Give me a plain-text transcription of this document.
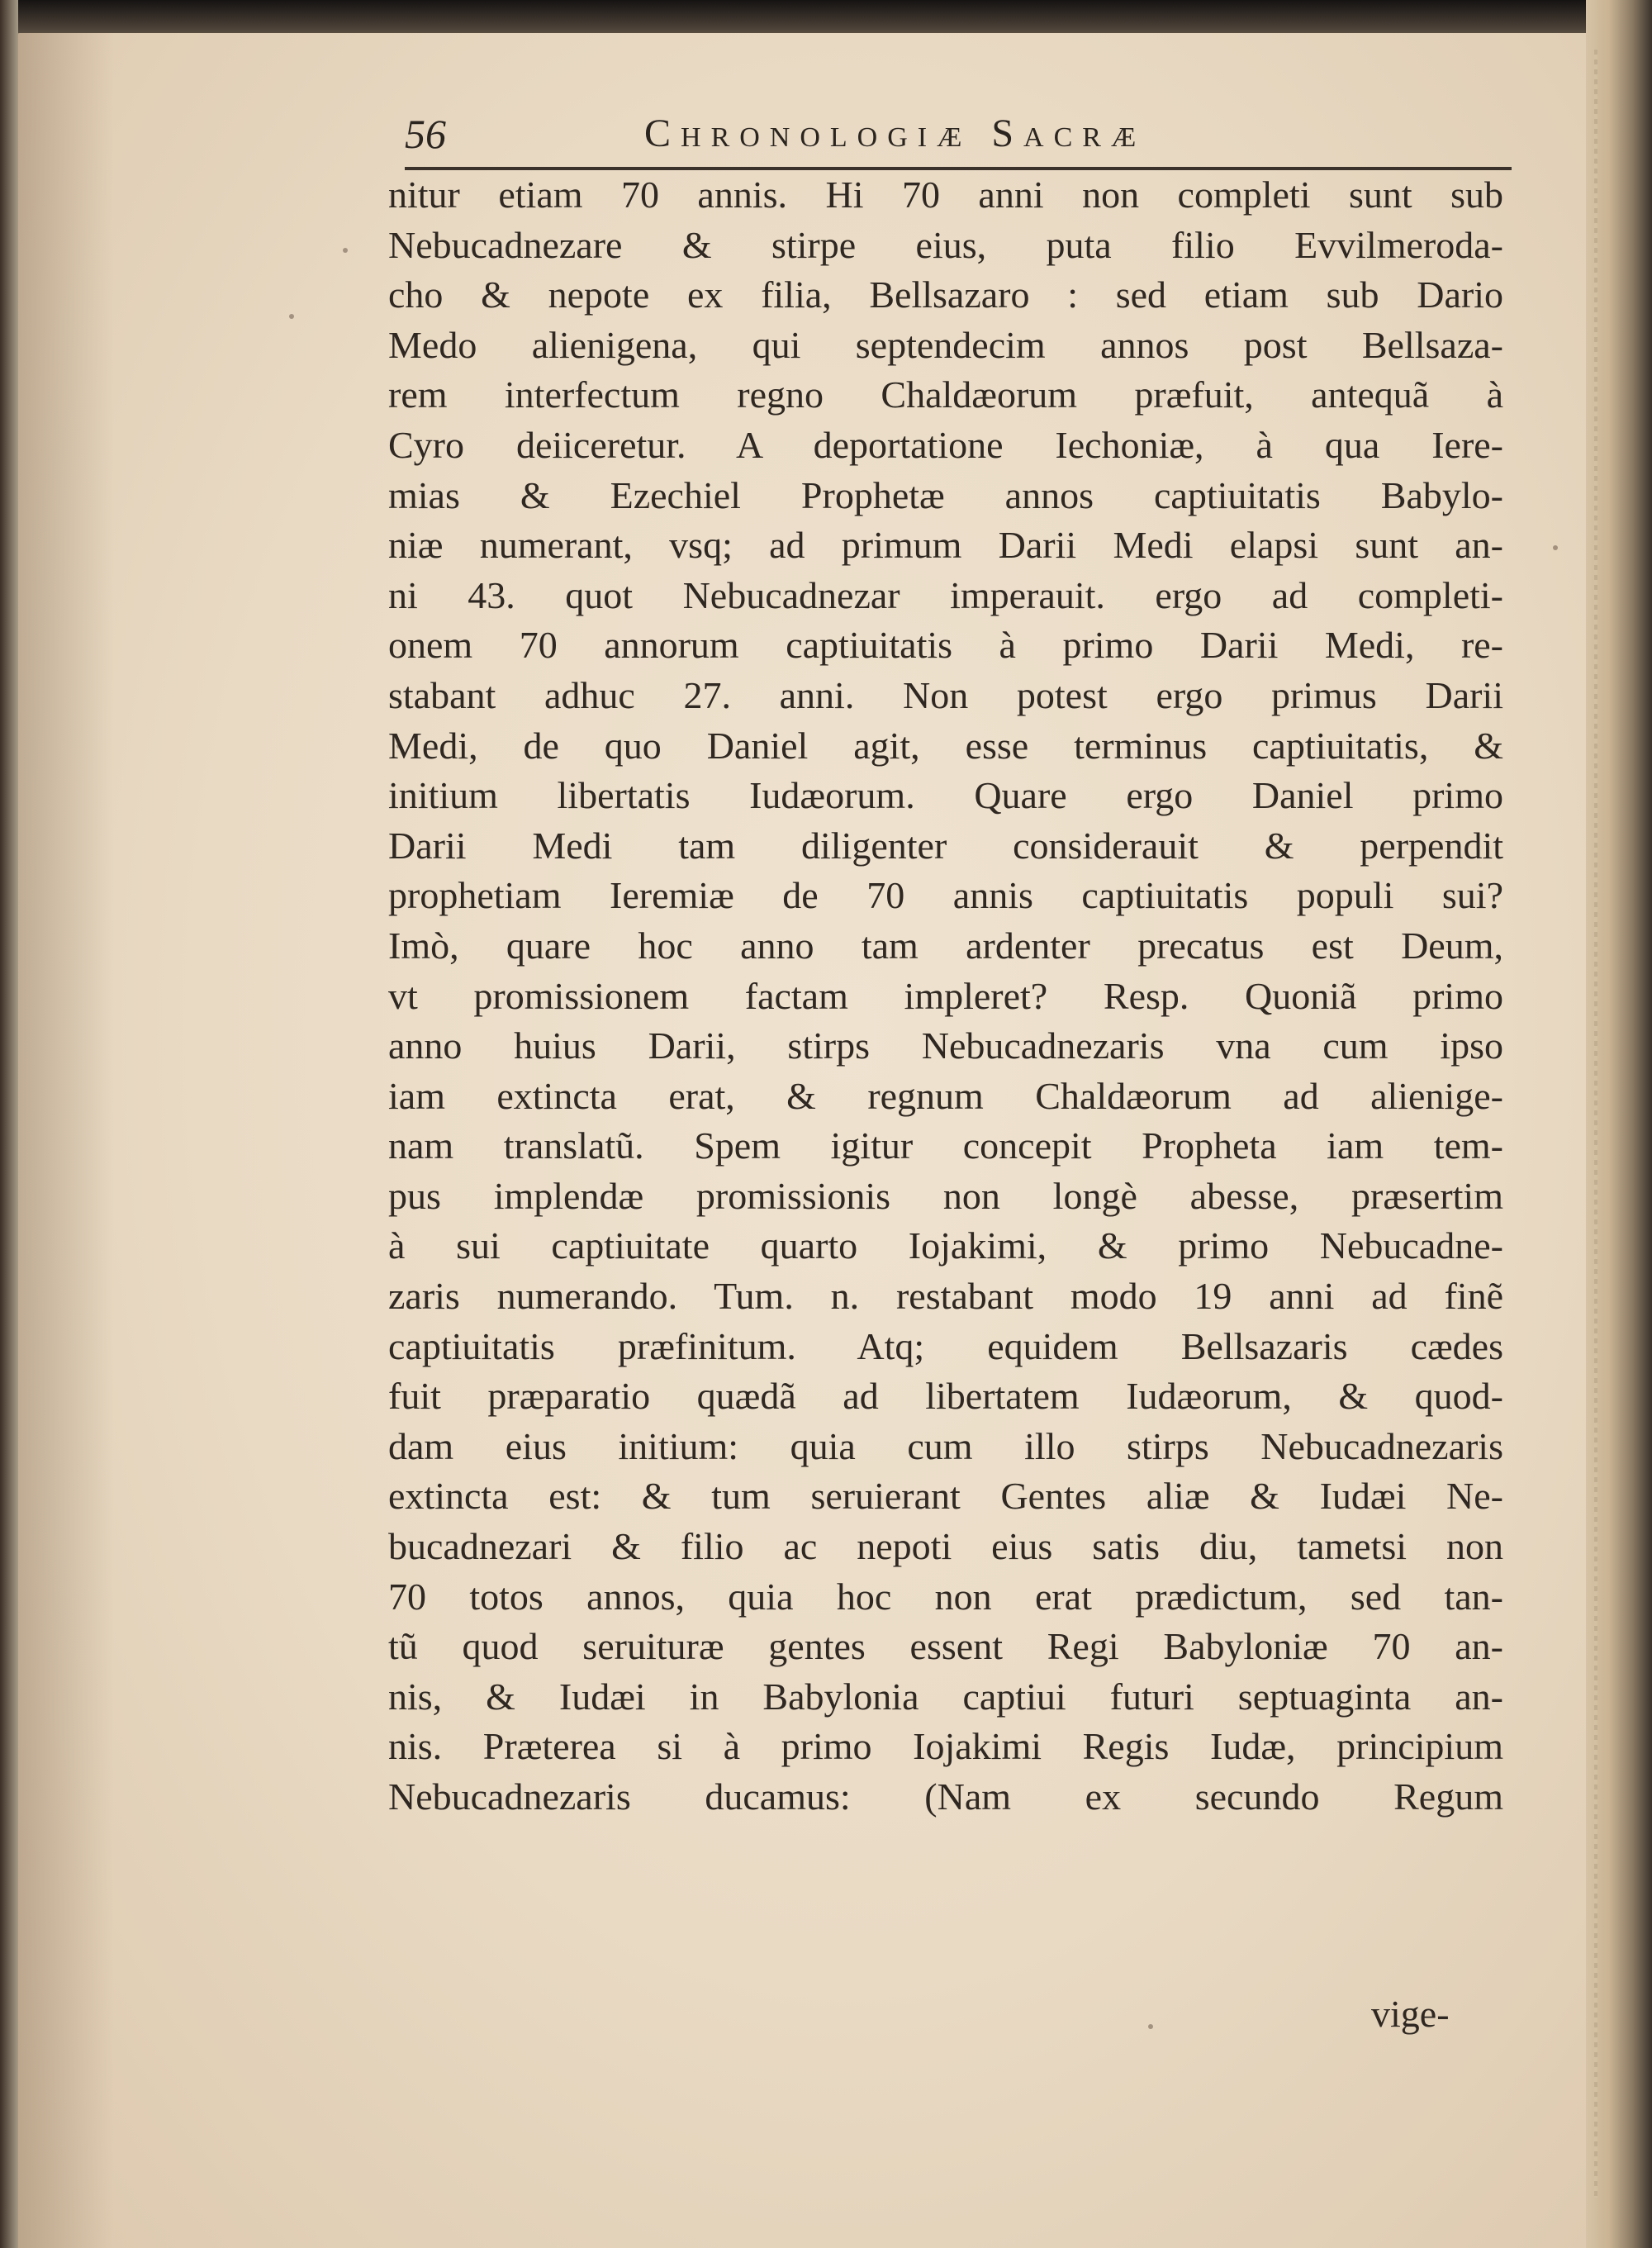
56	Chronologiæ Sacræ
nitur etiam 70 annis. Hi 70 anni non completi sunt sub
Nebucadnezare & stirpe eius, puta filio Evvilmeroda-
cho & nepote ex filia, Bellsazaro : sed etiam sub Dario
Medo alienigena, qui septendecim annos post Bellsaza-
rem interfectum regno Chaldæorum præfuit, antequã à
Cyro deiiceretur. A deportatione Iechoniæ, à qua Iere-
mias & Ezechiel Prophetæ annos captiuitatis Babylo-
niæ numerant, vsq; ad primum Darii Medi elapsi sunt an-
ni 43. quot Nebucadnezar imperauit. ergo ad completi-
onem 70 annorum captiuitatis à primo Darii Medi, re-
stabant adhuc 27. anni. Non potest ergo primus Darii
Medi, de quo Daniel agit, esse terminus captiuitatis, &
initium libertatis Iudæorum. Quare ergo Daniel primo
Darii Medi tam diligenter considerauit & perpendit
prophetiam Ieremiæ de 70 annis captiuitatis populi sui?
Imò, quare hoc anno tam ardenter precatus est Deum,
vt promissionem factam impleret? Resp. Quoniã primo
anno huius Darii, stirps Nebucadnezaris vna cum ipso
iam extincta erat, & regnum Chaldæorum ad alienige-
nam translatũ. Spem igitur concepit Propheta iam tem-
pus implendæ promissionis non longè abesse, præsertim
à sui captiuitate quarto Iojakimi, & primo Nebucadne-
zaris numerando. Tum. n. restabant modo 19 anni ad finẽ
captiuitatis præfinitum. Atq; equidem Bellsazaris cædes
fuit præparatio quædã ad libertatem Iudæorum, & quod-
dam eius initium: quia cum illo stirps Nebucadnezaris
extincta est: & tum seruierant Gentes aliæ & Iudæi Ne-
bucadnezari & filio ac nepoti eius satis diu, tametsi non
70 totos annos, quia hoc non erat prædictum, sed tan-
tũ quod seruituræ gentes essent Regi Babyloniæ 70 an-
nis, & Iudæi in Babylonia captiui futuri septuaginta an-
nis. Præterea si à primo Iojakimi Regis Iudæ, principium
Nebucadnezaris ducamus: (Nam ex secundo Regum
vige-
